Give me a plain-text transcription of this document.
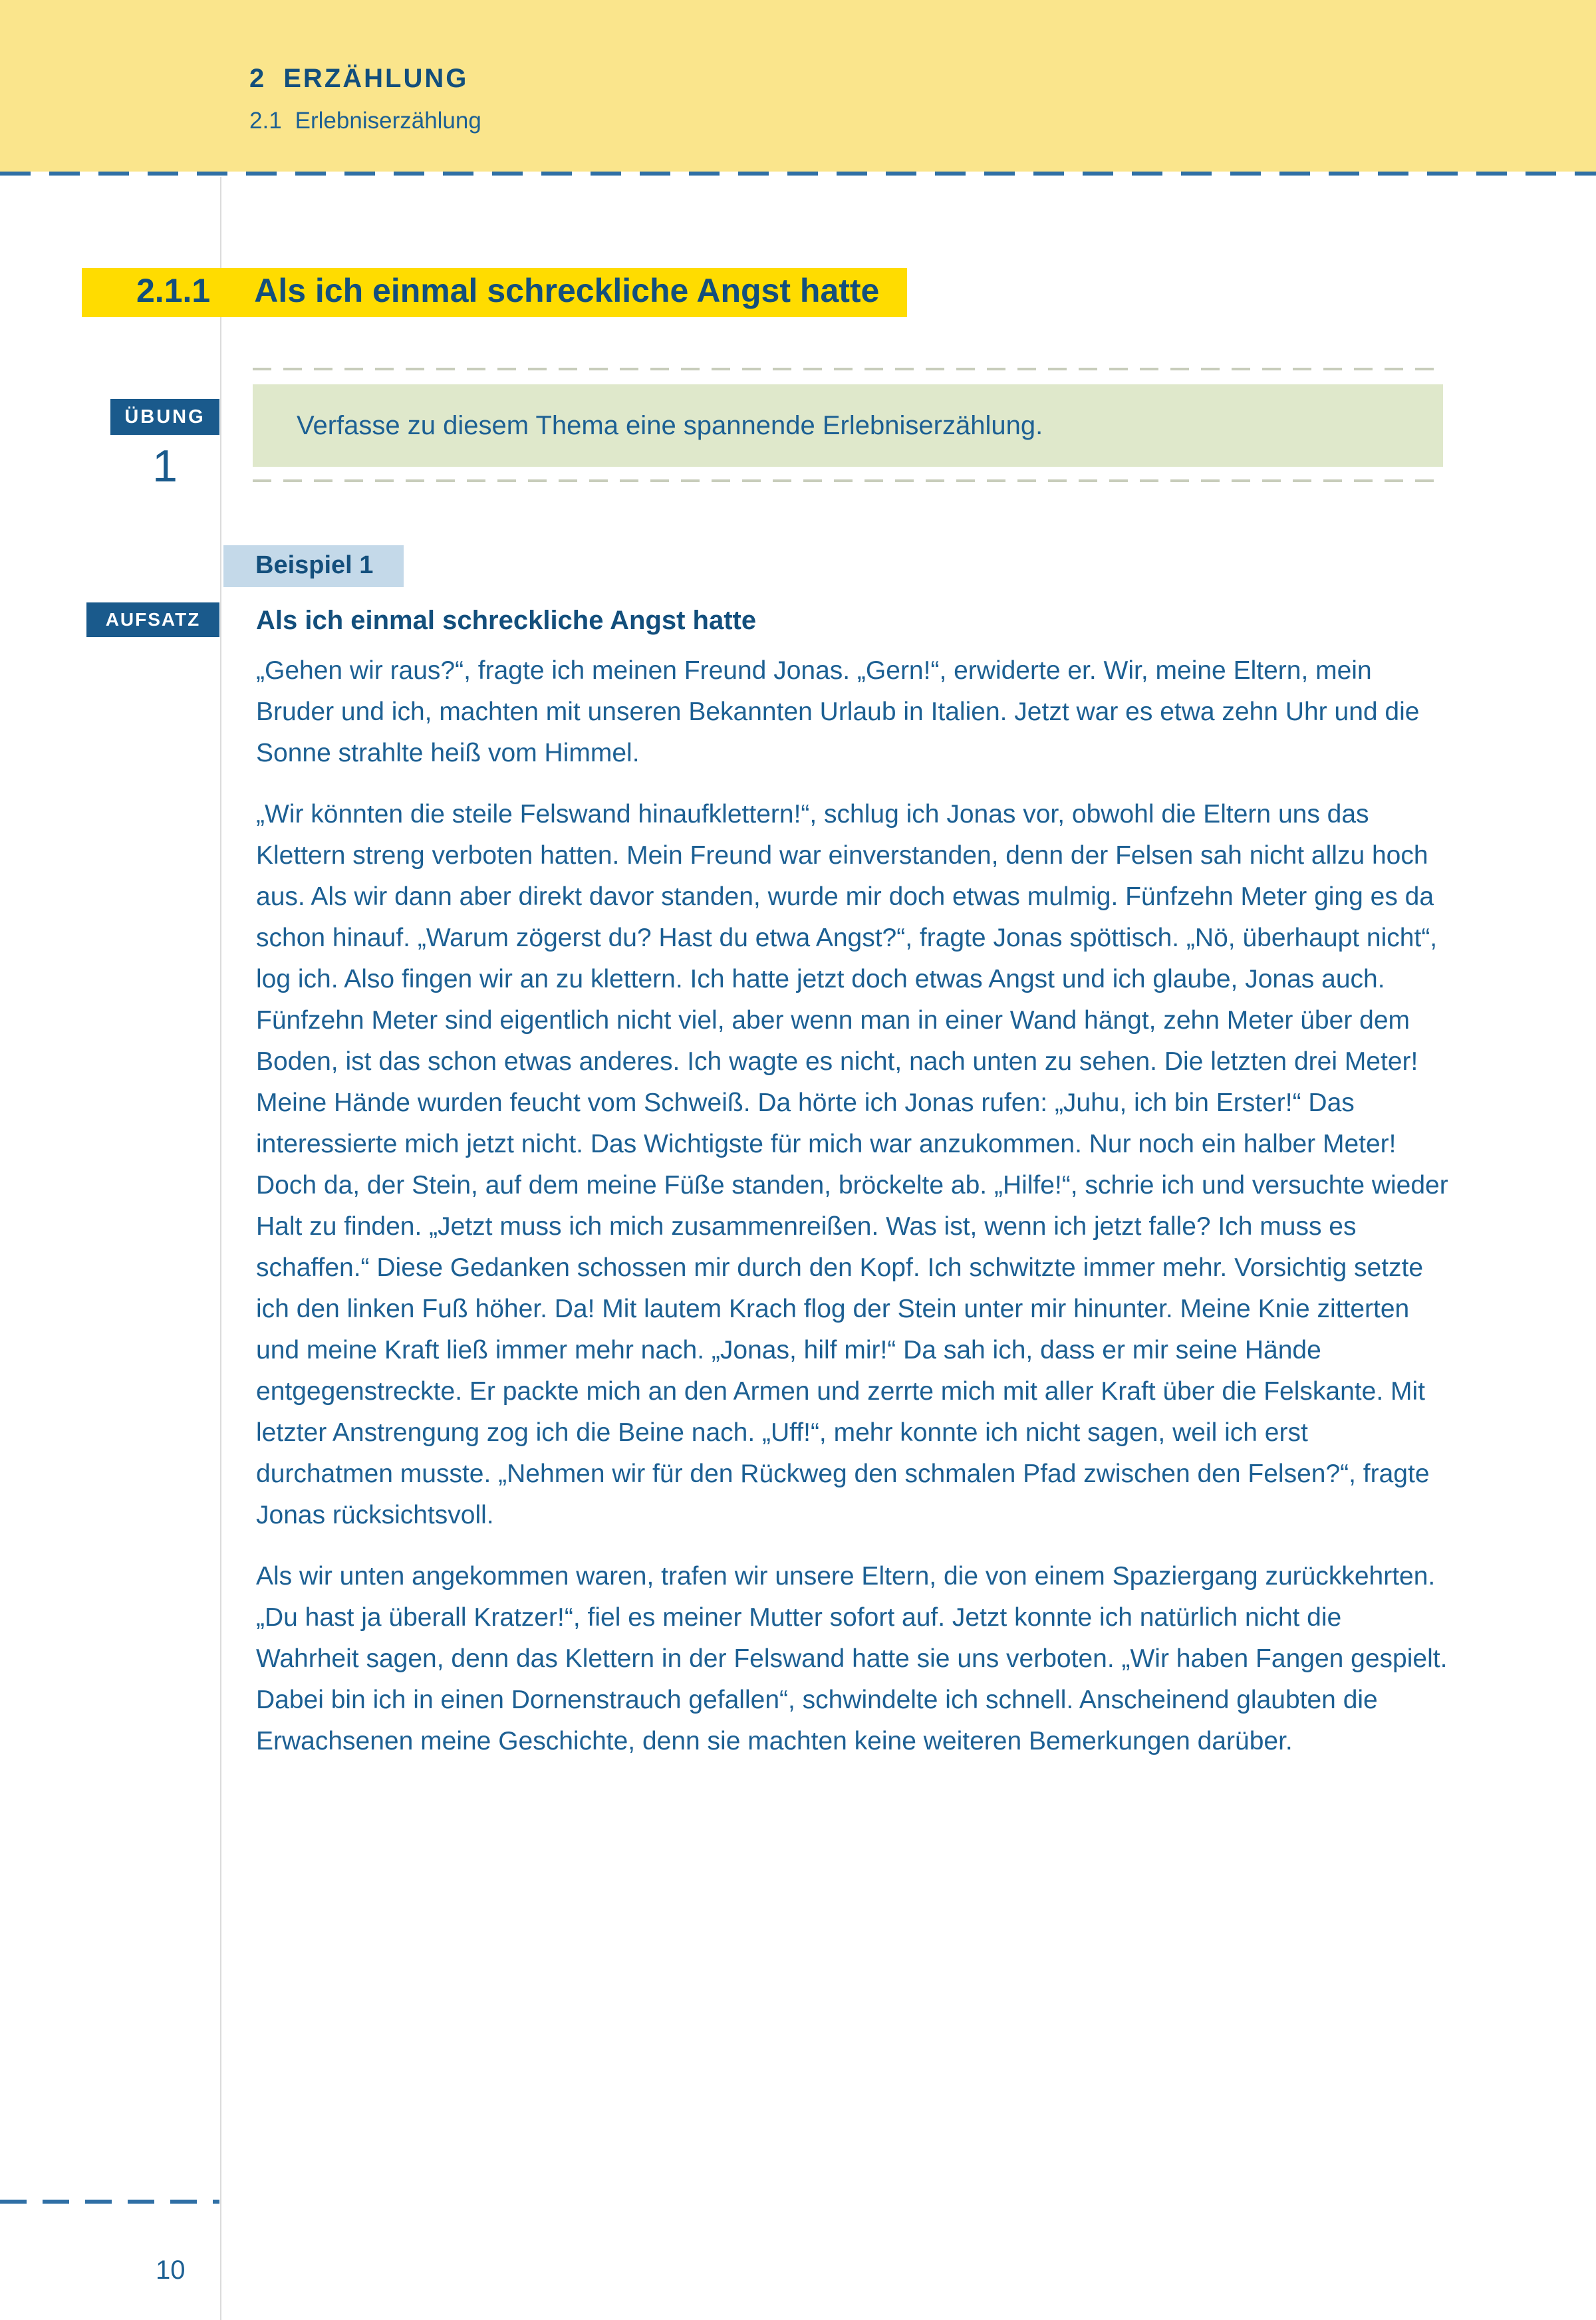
2 ERZÄHLUNG
2.1 Erlebniserzählung
2.1.1 Als ich einmal schreckliche Angst hatte
ÜBUNG
1

Verfasse zu diesem Thema eine spannende Erlebniserzählung.

Beispiel 1
AUFSATZ	Als ich einmal schreckliche Angst hatte

„Gehen wir raus?“, fragte ich meinen Freund Jonas. „Gern!“, erwiderte er. Wir, meine Eltern, mein Bruder und ich, machten mit unseren Bekannten Urlaub in Italien. Jetzt war es etwa zehn Uhr und die Sonne strahlte heiß vom Himmel.

„Wir könnten die steile Felswand hinaufklettern!“, schlug ich Jonas vor, obwohl die Eltern uns das Klettern streng verboten hatten. Mein Freund war einverstanden, denn der Felsen sah nicht allzu hoch aus. Als wir dann aber direkt davor standen, wurde mir doch etwas mulmig. Fünfzehn Meter ging es da schon hinauf. „Warum zögerst du? Hast du etwa Angst?“, fragte Jonas spöttisch. „Nö, überhaupt nicht“, log ich. Also fingen wir an zu klettern. Ich hatte jetzt doch etwas Angst und ich glaube, Jonas auch. Fünfzehn Meter sind eigentlich nicht viel, aber wenn man in einer Wand hängt, zehn Meter über dem Boden, ist das schon etwas anderes. Ich wagte es nicht, nach unten zu sehen. Die letzten drei Meter! Meine Hände wurden feucht vom Schweiß. Da hörte ich Jonas rufen: „Juhu, ich bin Erster!“ Das interessierte mich jetzt nicht. Das Wichtigste für mich war anzukommen. Nur noch ein halber Meter! Doch da, der Stein, auf dem meine Füße standen, bröckelte ab. „Hilfe!“, schrie ich und versuchte wieder Halt zu finden. „Jetzt muss ich mich zusammenreißen. Was ist, wenn ich jetzt falle? Ich muss es schaffen.“ Diese Gedanken schossen mir durch den Kopf. Ich schwitzte immer mehr. Vorsichtig setzte ich den linken Fuß höher. Da! Mit lautem Krach flog der Stein unter mir hinunter. Meine Knie zitterten und meine Kraft ließ immer mehr nach. „Jonas, hilf mir!“ Da sah ich, dass er mir seine Hände entgegenstreckte. Er packte mich an den Armen und zerrte mich mit aller Kraft über die Felskante. Mit letzter Anstrengung zog ich die Beine nach. „Uff!“, mehr konnte ich nicht sagen, weil ich erst durchatmen musste. „Nehmen wir für den Rückweg den schmalen Pfad zwischen den Felsen?“, fragte Jonas rücksichtsvoll.

Als wir unten angekommen waren, trafen wir unsere Eltern, die von einem Spaziergang zurückkehrten. „Du hast ja überall Kratzer!“, fiel es meiner Mutter sofort auf. Jetzt konnte ich natürlich nicht die Wahrheit sagen, denn das Klettern in der Felswand hatte sie uns verboten. „Wir haben Fangen gespielt. Dabei bin ich in einen Dornenstrauch gefallen“, schwindelte ich schnell. Anscheinend glaubten die Erwachsenen meine Geschichte, denn sie machten keine weiteren Bemerkungen darüber.

10
